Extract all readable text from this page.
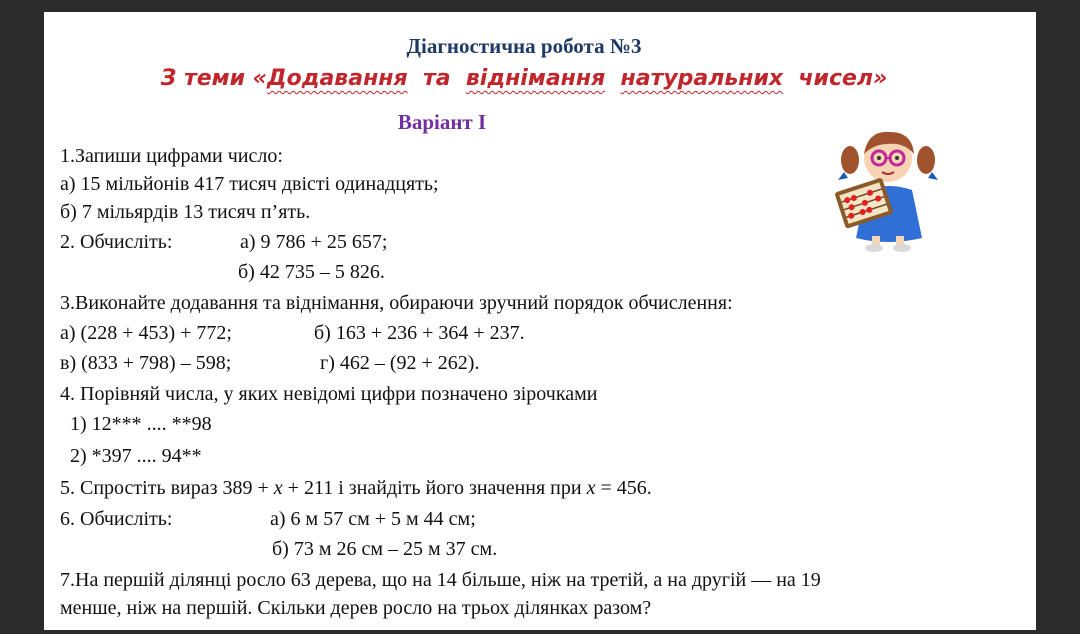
Діагностична робота №3
З теми «Додавання та віднімання натуральних чисел»
Варіант І
1.Запиши цифрами число:
а) 15 мільйонів 417 тисяч двісті одинадцять;
б) 7 мільярдів 13 тисяч п’ять.
2. Обчисліть:	а) 9 786 + 25 657;
б) 42 735 – 5 826.
3.Виконайте додавання та віднімання, обираючи зручний порядок обчислення:
а) (228 + 453) + 772;	б) 163 + 236 + 364 + 237.
в) (833 + 798) – 598;	г) 462 – (92 + 262).
4. Порівняй числа, у яких невідомі цифри позначено зірочками
1) 12*** .... **98
2) *397 .... 94**
5. Спростіть вираз 389 + х + 211 і знайдіть його значення при х = 456.
6. Обчисліть:	а) 6 м 57 см + 5 м 44 см;
б) 73 м 26 см – 25 м 37 см.
7.На першій ділянці росло 63 дерева, що на 14 більше, ніж на третій, а на другій — на 19
менше, ніж на першій. Скільки дерев росло на трьох ділянках разом?
